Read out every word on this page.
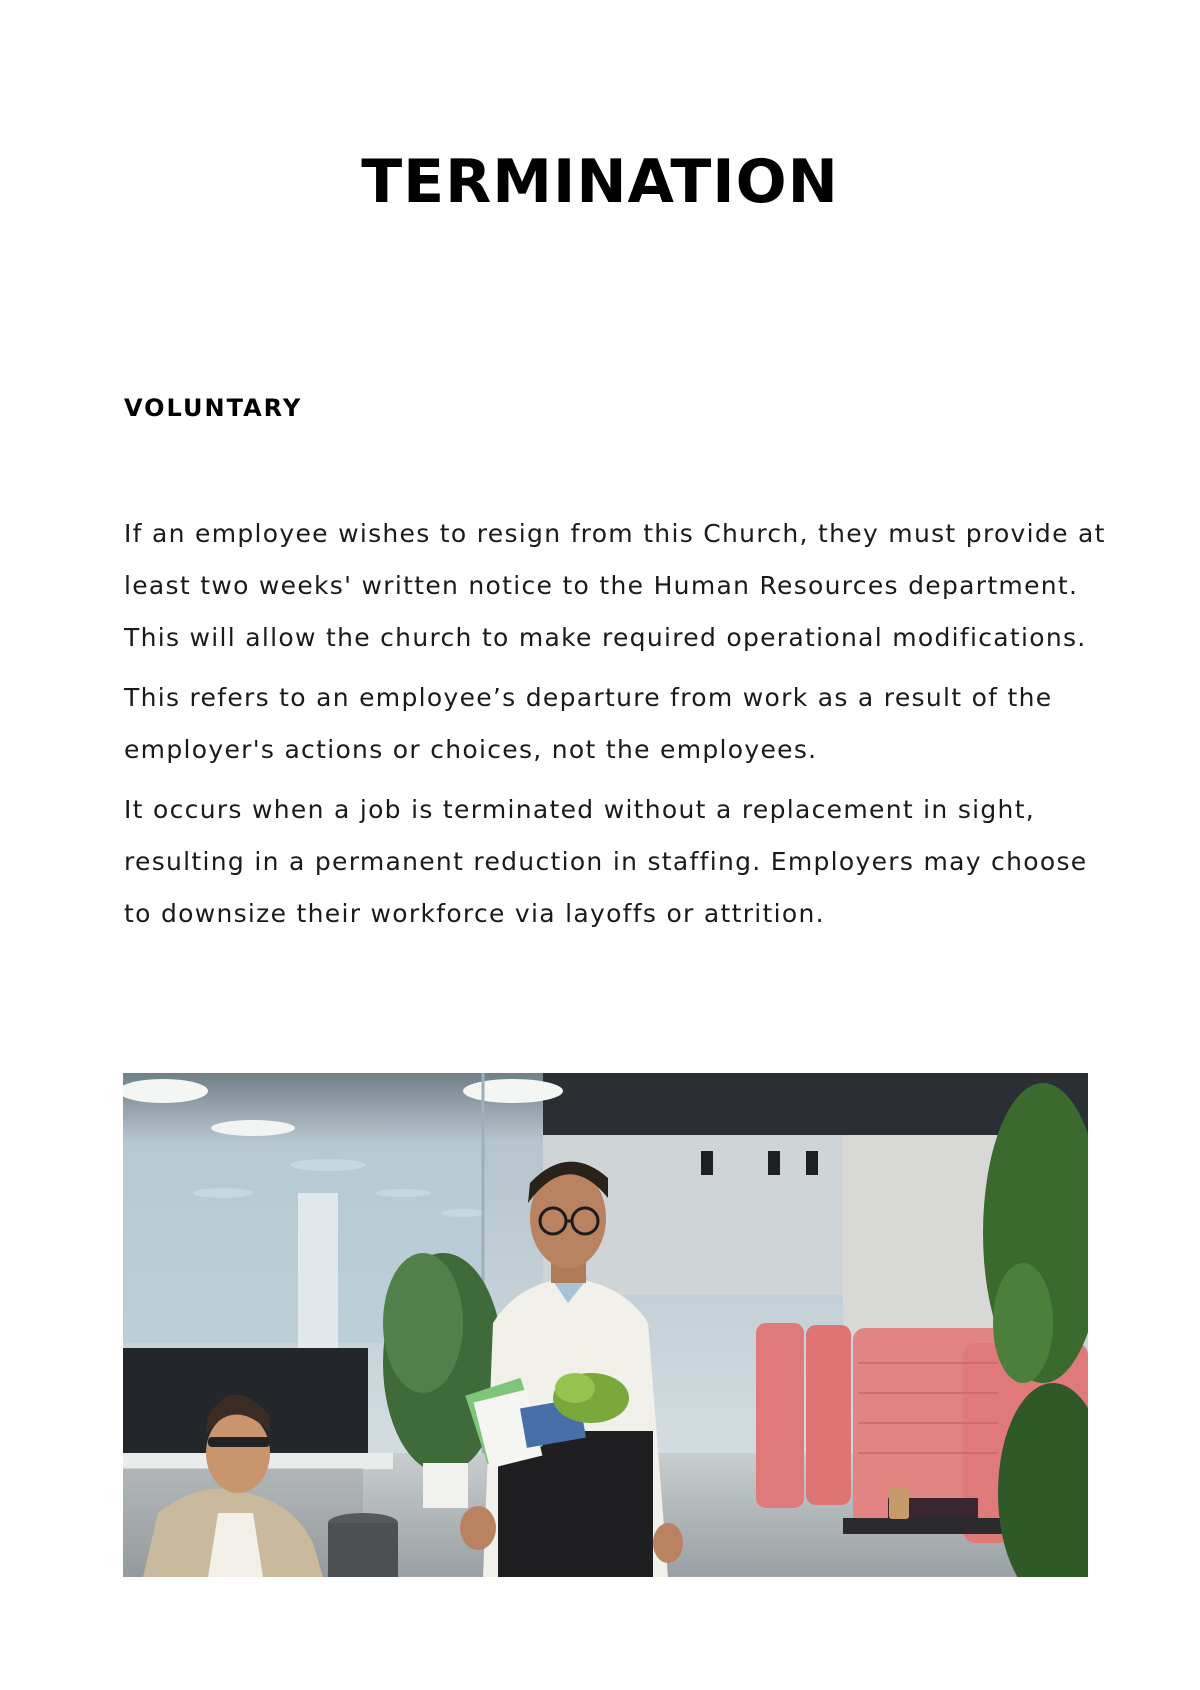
TERMINATION
VOLUNTARY

If an employee wishes to resign from this Church, they must provide at least two weeks' written notice to the Human Resources department. This will allow the church to make required operational modifications.

This refers to an employee’s departure from work as a result of the employer's actions or choices, not the employees.

It occurs when a job is terminated without a replacement in sight, resulting in a permanent reduction in staffing. Employers may choose to downsize their workforce via layoffs or attrition.
